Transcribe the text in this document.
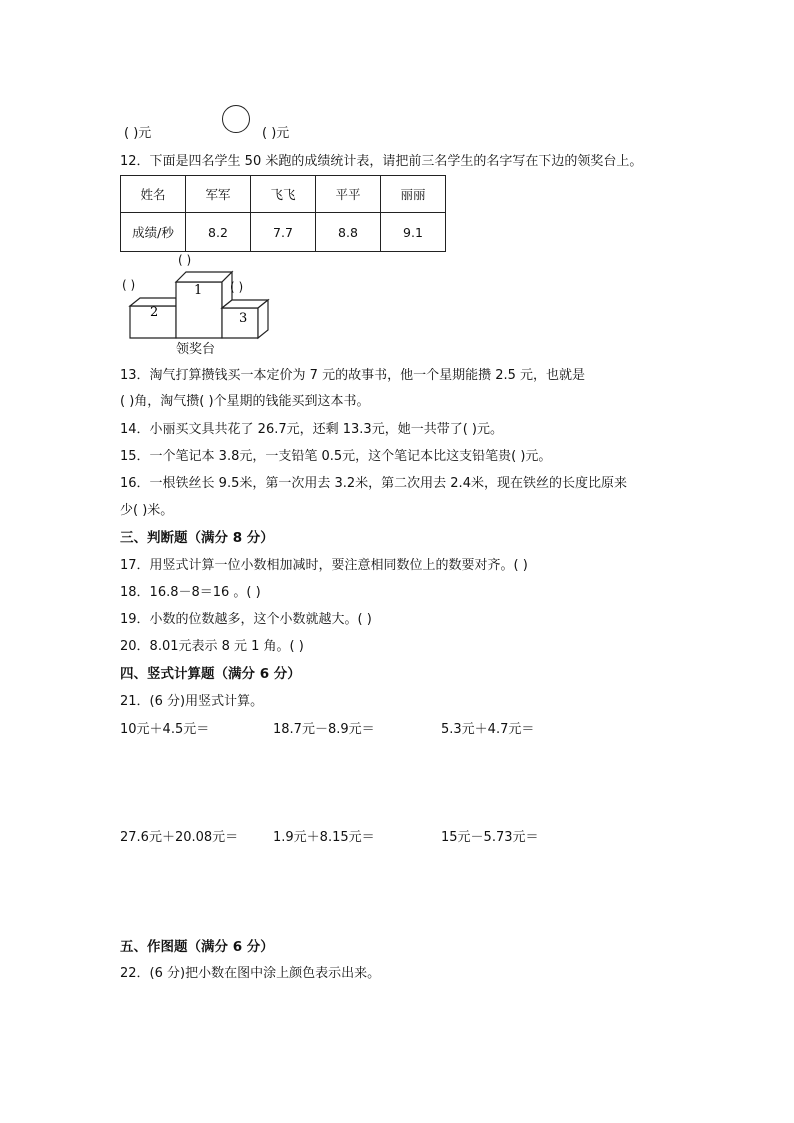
( )元	( )元
12．下面是四名学生 50 米跑的成绩统计表，请把前三名学生的名字写在下边的领奖台上。
姓名	军军	飞飞	平平	丽丽
成绩/秒	8.2	7.7	8.8	9.1
1
2	3
( )
( )	( )
领奖台
13．淘气打算攒钱买一本定价为 7 元的故事书，他一个星期能攒 2.5 元，也就是
( )角，淘气攒( )个星期的钱能买到这本书。
14．小丽买文具共花了 26.7元，还剩 13.3元，她一共带了( )元。
15．一个笔记本 3.8元，一支铅笔 0.5元，这个笔记本比这支铅笔贵( )元。
16．一根铁丝长 9.5米，第一次用去 3.2米，第二次用去 2.4米，现在铁丝的长度比原来
少( )米。
三、判断题（满分 8 分）
17．用竖式计算一位小数相加减时，要注意相同数位上的数要对齐。( )
18．16.8－8＝16 。( )
19．小数的位数越多，这个小数就越大。( )
20．8.01元表示 8 元 1 角。( )
四、竖式计算题（满分 6 分）
21．(6 分)用竖式计算。
10元＋4.5元＝	18.7元－8.9元＝	5.3元＋4.7元＝
27.6元＋20.08元＝	1.9元＋8.15元＝	15元－5.73元＝
五、作图题（满分 6 分）
22．(6 分)把小数在图中涂上颜色表示出来。
